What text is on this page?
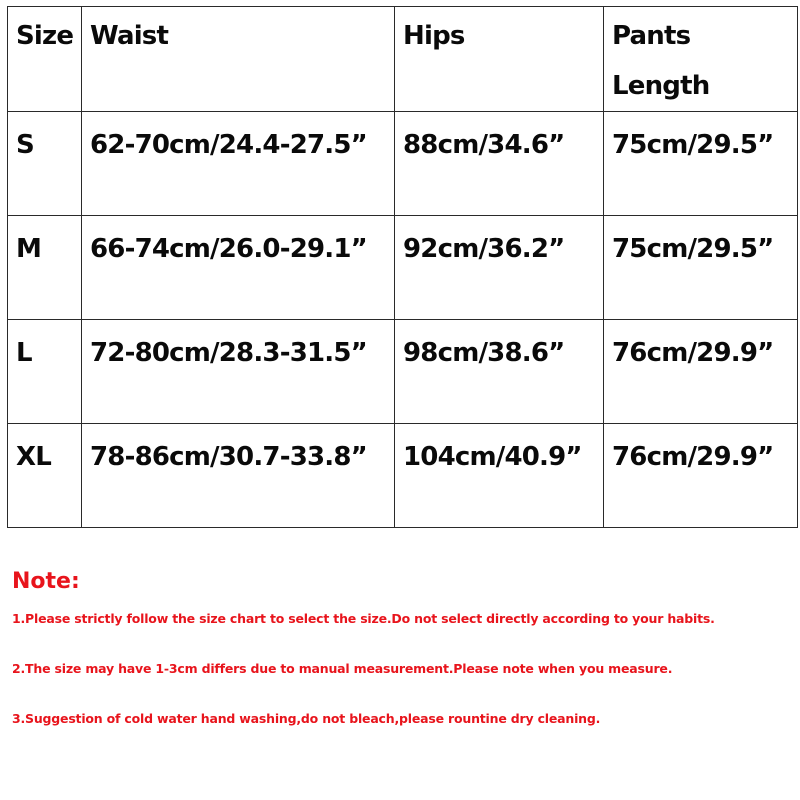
Size	Waist	Hips	Pants
Length
S	62-70cm/24.4-27.5”	88cm/34.6”	75cm/29.5”
M	66-74cm/26.0-29.1”	92cm/36.2”	75cm/29.5”
L	72-80cm/28.3-31.5”	98cm/38.6”	76cm/29.9”
XL	78-86cm/30.7-33.8”	104cm/40.9”	76cm/29.9”
Note:
1.Please strictly follow the size chart to select the size.Do not select directly according to your habits.
2.The size may have 1-3cm differs due to manual measurement.Please note when you measure.
3.Suggestion of cold water hand washing,do not bleach,please rountine dry cleaning.
